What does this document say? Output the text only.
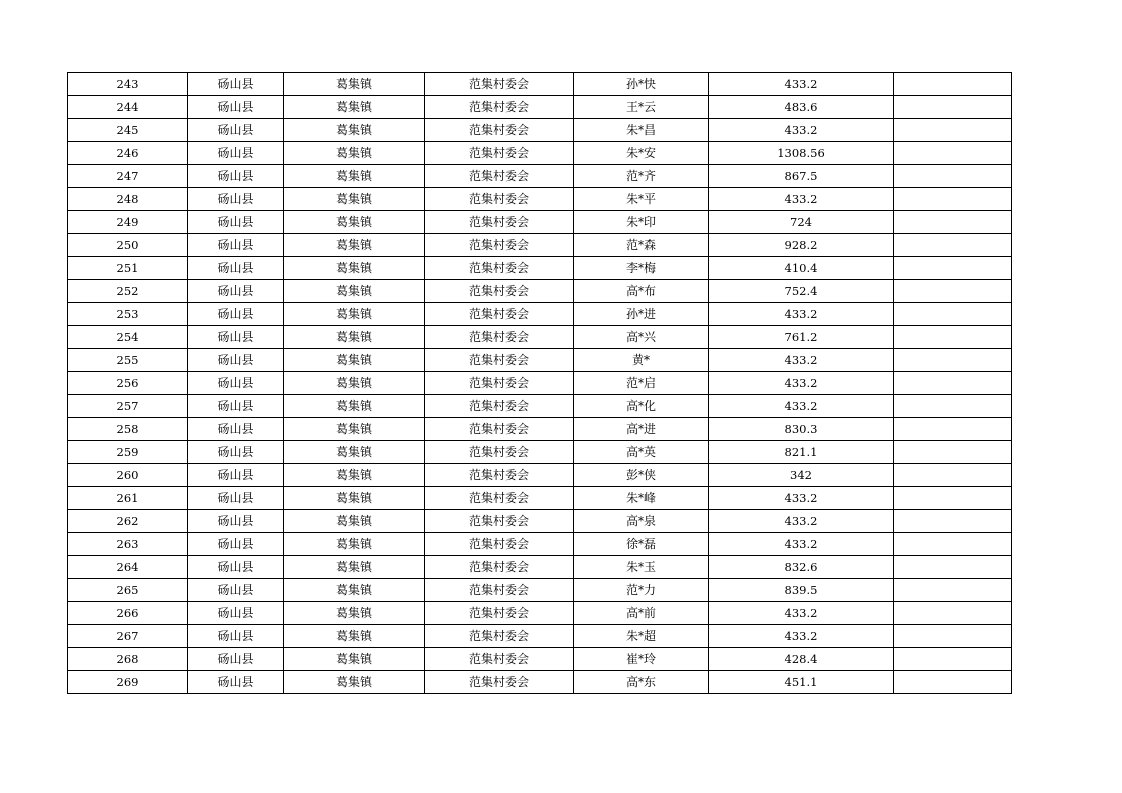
243	砀山县	葛集镇	范集村委会	孙*快	433.2	
244	砀山县	葛集镇	范集村委会	王*云	483.6	
245	砀山县	葛集镇	范集村委会	朱*昌	433.2	
246	砀山县	葛集镇	范集村委会	朱*安	1308.56	
247	砀山县	葛集镇	范集村委会	范*齐	867.5	
248	砀山县	葛集镇	范集村委会	朱*平	433.2	
249	砀山县	葛集镇	范集村委会	朱*印	724	
250	砀山县	葛集镇	范集村委会	范*森	928.2	
251	砀山县	葛集镇	范集村委会	李*梅	410.4	
252	砀山县	葛集镇	范集村委会	高*布	752.4	
253	砀山县	葛集镇	范集村委会	孙*进	433.2	
254	砀山县	葛集镇	范集村委会	高*兴	761.2	
255	砀山县	葛集镇	范集村委会	黄*	433.2	
256	砀山县	葛集镇	范集村委会	范*启	433.2	
257	砀山县	葛集镇	范集村委会	高*化	433.2	
258	砀山县	葛集镇	范集村委会	高*进	830.3	
259	砀山县	葛集镇	范集村委会	高*英	821.1	
260	砀山县	葛集镇	范集村委会	彭*侠	342	
261	砀山县	葛集镇	范集村委会	朱*峰	433.2	
262	砀山县	葛集镇	范集村委会	高*泉	433.2	
263	砀山县	葛集镇	范集村委会	徐*磊	433.2	
264	砀山县	葛集镇	范集村委会	朱*玉	832.6	
265	砀山县	葛集镇	范集村委会	范*力	839.5	
266	砀山县	葛集镇	范集村委会	高*前	433.2	
267	砀山县	葛集镇	范集村委会	朱*超	433.2	
268	砀山县	葛集镇	范集村委会	崔*玲	428.4	
269	砀山县	葛集镇	范集村委会	高*东	451.1	
